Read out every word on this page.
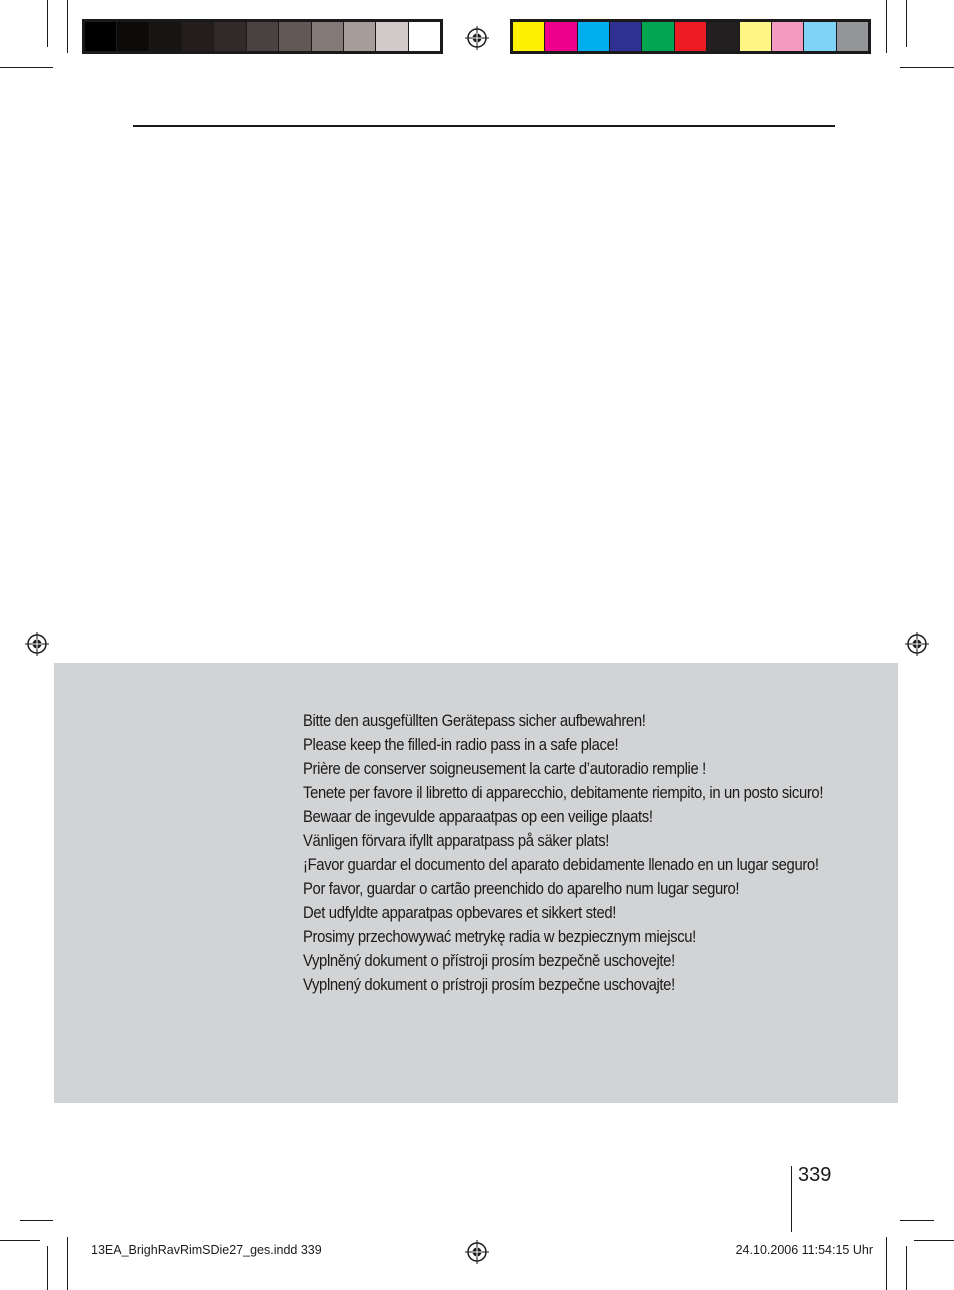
Bitte den ausgefüllten Gerätepass sicher aufbewahren!
Please keep the filled-in radio pass in a safe place!
Prière de conserver soigneusement la carte d’autoradio remplie !
Tenete per favore il libretto di apparecchio, debitamente riempito, in un posto sicuro!
Bewaar de ingevulde apparaatpas op een veilige plaats!
Vänligen förvara ifyllt apparatpass på säker plats!
¡Favor guardar el documento del aparato debidamente llenado en un lugar seguro!
Por favor, guardar o cartão preenchido do aparelho num lugar seguro!
Det udfyldte apparatpas opbevares et sikkert sted!
Prosimy przechowywać metrykę radia w bezpiecznym miejscu!
Vyplněný dokument o přístroji prosím bezpečně uschovejte!
Vyplnený dokument o prístroji prosím bezpečne uschovajte!
339
13EA_BrighRavRimSDie27_ges.indd 339	24.10.2006 11:54:15 Uhr
